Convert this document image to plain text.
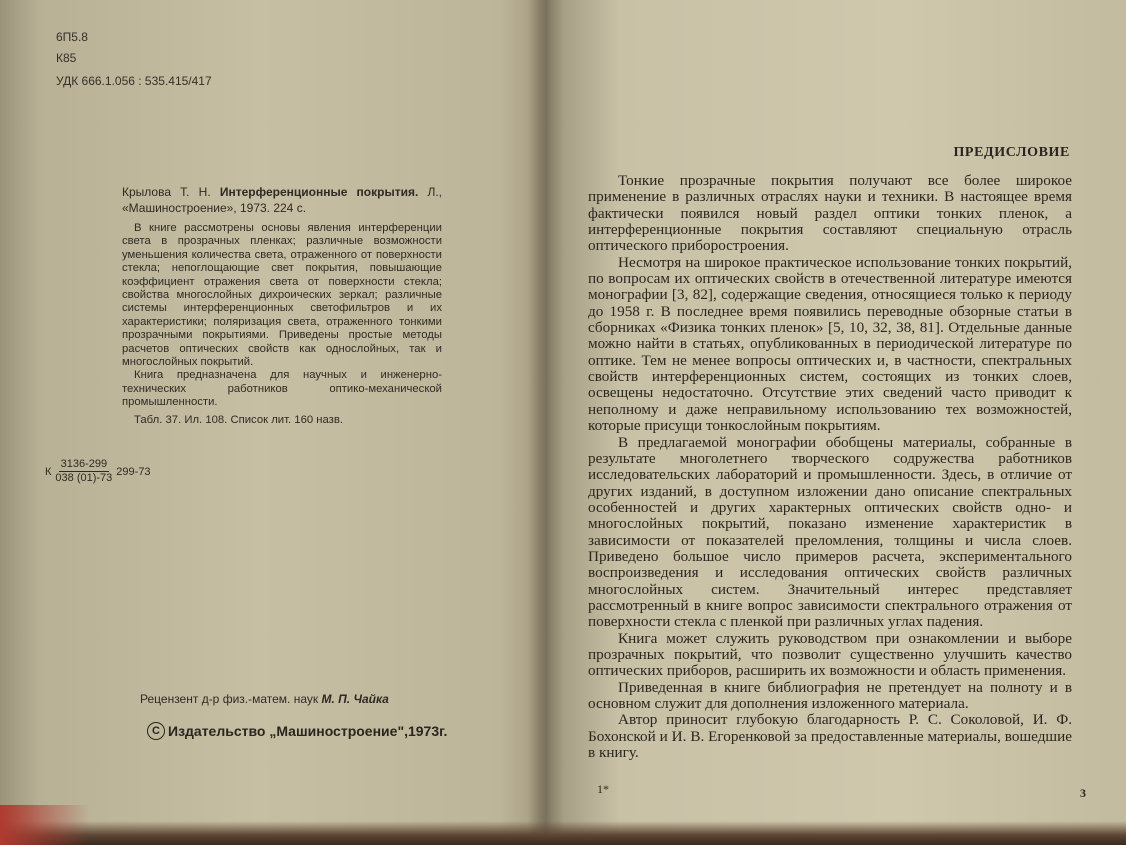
6П5.8
К85
УДК 666.1.056 : 535.415/417

Крылова Т. Н. Интерференционные покрытия. Л., «Машиностроение», 1973. 224 с.

В книге рассмотрены основы явления интерференции света в прозрачных пленках; различные возможности уменьшения количества света, отраженного от поверхности стекла; непоглощающие свет покрытия, повышающие коэффициент отражения света от поверхности стекла; свойства многослойных дихроических зеркал; различные системы интерференционных светофильтров и их характеристики; поляризация света, отраженного тонкими прозрачными покрытиями. Приведены простые методы расчетов оптических свойств как однослойных, так и многослойных покрытий.

Книга предназначена для научных и инженерно-технических работников оптико-механической промышленности.

Табл. 37. Ил. 108. Список лит. 160 назв.

К $\frac{3136-299}{038 (01)-73} 299-73$
Рецензент д-р физ.-матем. наук М. П. Чайка
C Издательство „Машиностроение",1973г.
ПРЕДИСЛОВИЕ

Тонкие прозрачные покрытия получают все более широкое применение в различных отраслях науки и техники. В настоящее время фактически появился новый раздел оптики тонких пленок, а интерференционные покрытия составляют специальную отрасль оптического приборостроения.

Несмотря на широкое практическое использование тонких покрытий, по вопросам их оптических свойств в отечественной литературе имеются монографии [3, 82], содержащие сведения, относящиеся только к периоду до 1958 г. В последнее время появились переводные обзорные статьи в сборниках «Физика тонких пленок» [5, 10, 32, 38, 81]. Отдельные данные можно найти в статьях, опубликованных в периодической литературе по оптике. Тем не менее вопросы оптических и, в частности, спектральных свойств интерференционных систем, состоящих из тонких слоев, освещены недостаточно. Отсутствие этих сведений часто приводит к неполному и даже неправильному использованию тех возможностей, которые присущи тонкослойным покрытиям.

В предлагаемой монографии обобщены материалы, собранные в результате многолетнего творческого содружества работников исследовательских лабораторий и промышленности. Здесь, в отличие от других изданий, в доступном изложении дано описание спектральных особенностей и других характерных оптических свойств одно- и многослойных покрытий, показано изменение характеристик в зависимости от показателей преломления, толщины и числа слоев. Приведено большое число примеров расчета, экспериментального воспроизведения и исследования оптических свойств различных многослойных систем. Значительный интерес представляет рассмотренный в книге вопрос зависимости спектрального отражения от поверхности стекла с пленкой при различных углах падения.

Книга может служить руководством при ознакомлении и выборе прозрачных покрытий, что позволит существенно улучшить качество оптических приборов, расширить их возможности и область применения.

Приведенная в книге библиография не претендует на полноту и в основном служит для дополнения изложенного материала.

Автор приносит глубокую благодарность Р. С. Соколовой, И. Ф. Бохонской и И. В. Егоренковой за предоставленные материалы, вошедшие в книгу.

1*	3
